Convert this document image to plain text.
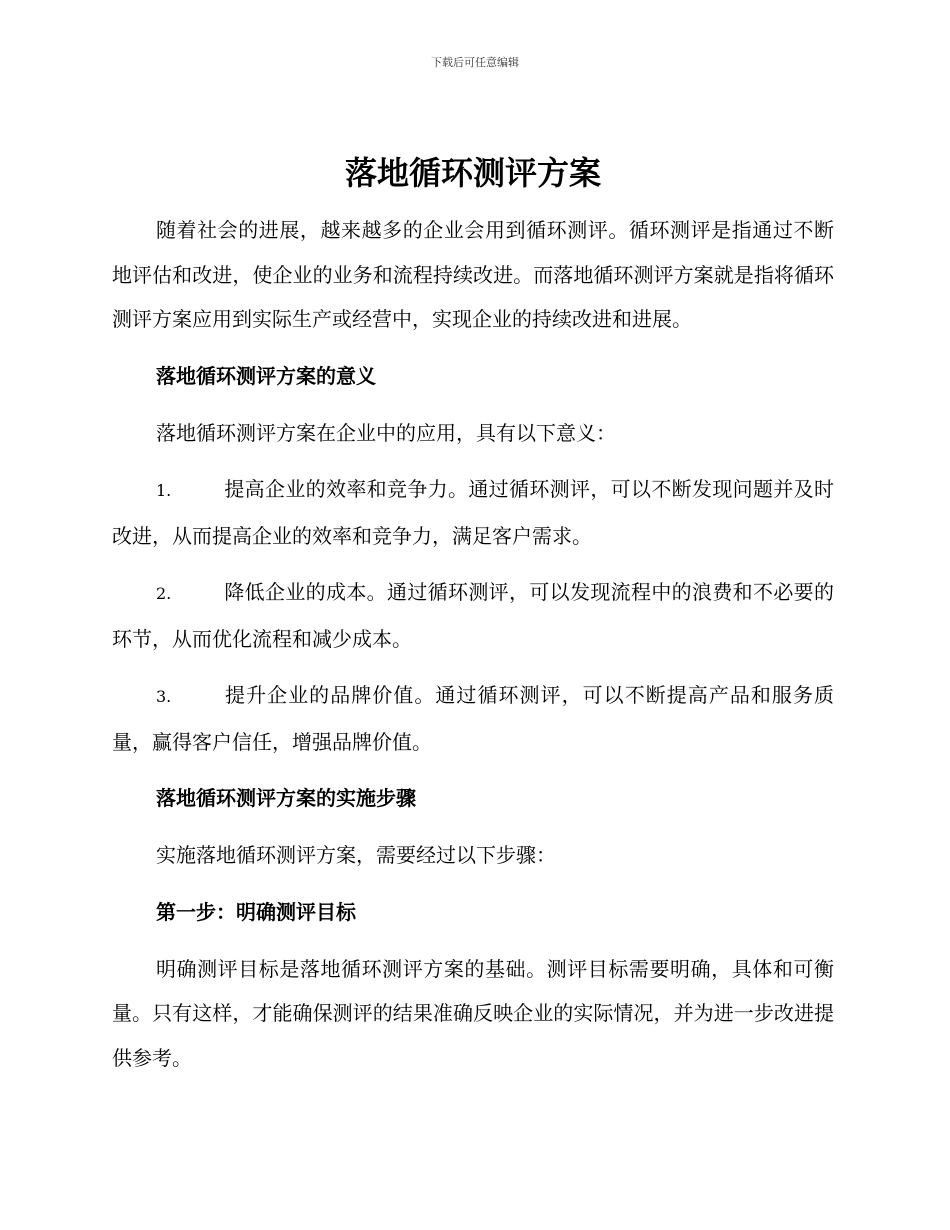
下载后可任意编辑
落地循环测评方案

随着社会的进展，越来越多的企业会用到循环测评。循环测评是指通过不断地评估和改进，使企业的业务和流程持续改进。而落地循环测评方案就是指将循环测评方案应用到实际生产或经营中，实现企业的持续改进和进展。

落地循环测评方案的意义

落地循环测评方案在企业中的应用，具有以下意义：

1.	提高企业的效率和竞争力。通过循环测评，可以不断发现问题并及时改进，从而提高企业的效率和竞争力，满足客户需求。

2.	降低企业的成本。通过循环测评，可以发现流程中的浪费和不必要的环节，从而优化流程和减少成本。

3.	提升企业的品牌价值。通过循环测评，可以不断提高产品和服务质量，赢得客户信任，增强品牌价值。

落地循环测评方案的实施步骤

实施落地循环测评方案，需要经过以下步骤：

第一步：明确测评目标

明确测评目标是落地循环测评方案的基础。测评目标需要明确，具体和可衡量。只有这样，才能确保测评的结果准确反映企业的实际情况，并为进一步改进提供参考。
